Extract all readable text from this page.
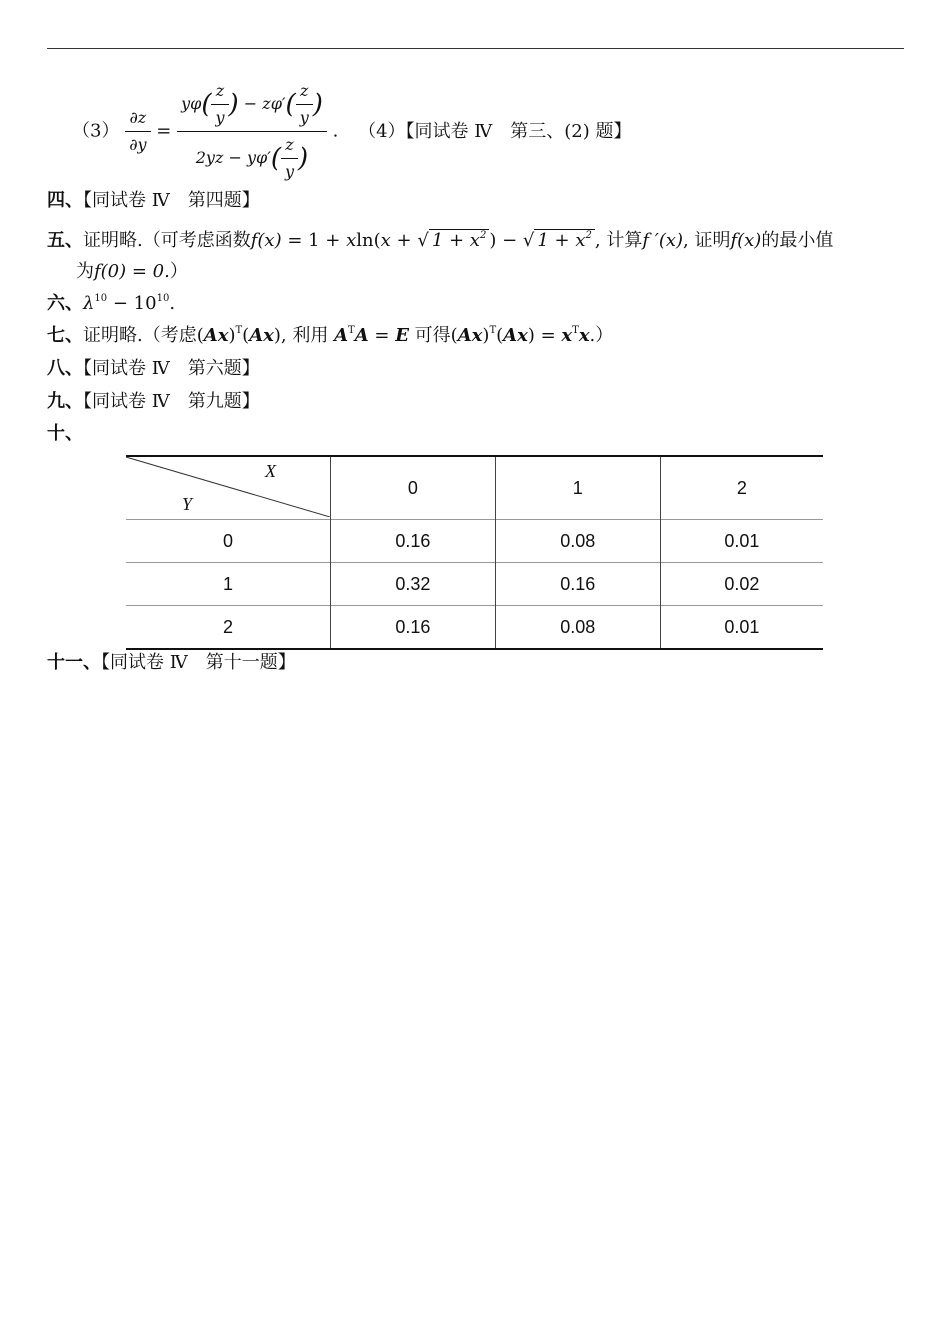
$(3) \frac{\partial z}{\partial y} = \frac{y\varphi( \frac{z}{y} ) - z\varphi'( \frac{z}{y} )}{2yz - y\varphi'( \frac{z}{y} )}$ . （4）【同试卷 Ⅳ　第三、(2) 题】
四、【同试卷 Ⅳ　第四题】
五、证明略.（可考虑函数f(x) = 1 + xln(x + √ $1 + x^2$ ) − √ $1 + x^2$ , 计算f ′(x), 证明f(x)的最小值
为f(0) = 0.）
六、$\lambda^{10} - 10^{10}$.
七、证明略.（考虑$(Ax)^T(Ax)$, 利用 $A^TA = E$ 可得$(Ax)^T(Ax) = x^Tx$.）
八、【同试卷 Ⅳ　第六题】
九、【同试卷 Ⅳ　第九题】
十、
X
Y	0	1	2
0	0.16	0.08	0.01
1	0.32	0.16	0.02
2	0.16	0.08	0.01
十一、【同试卷 Ⅳ　第十一题】
